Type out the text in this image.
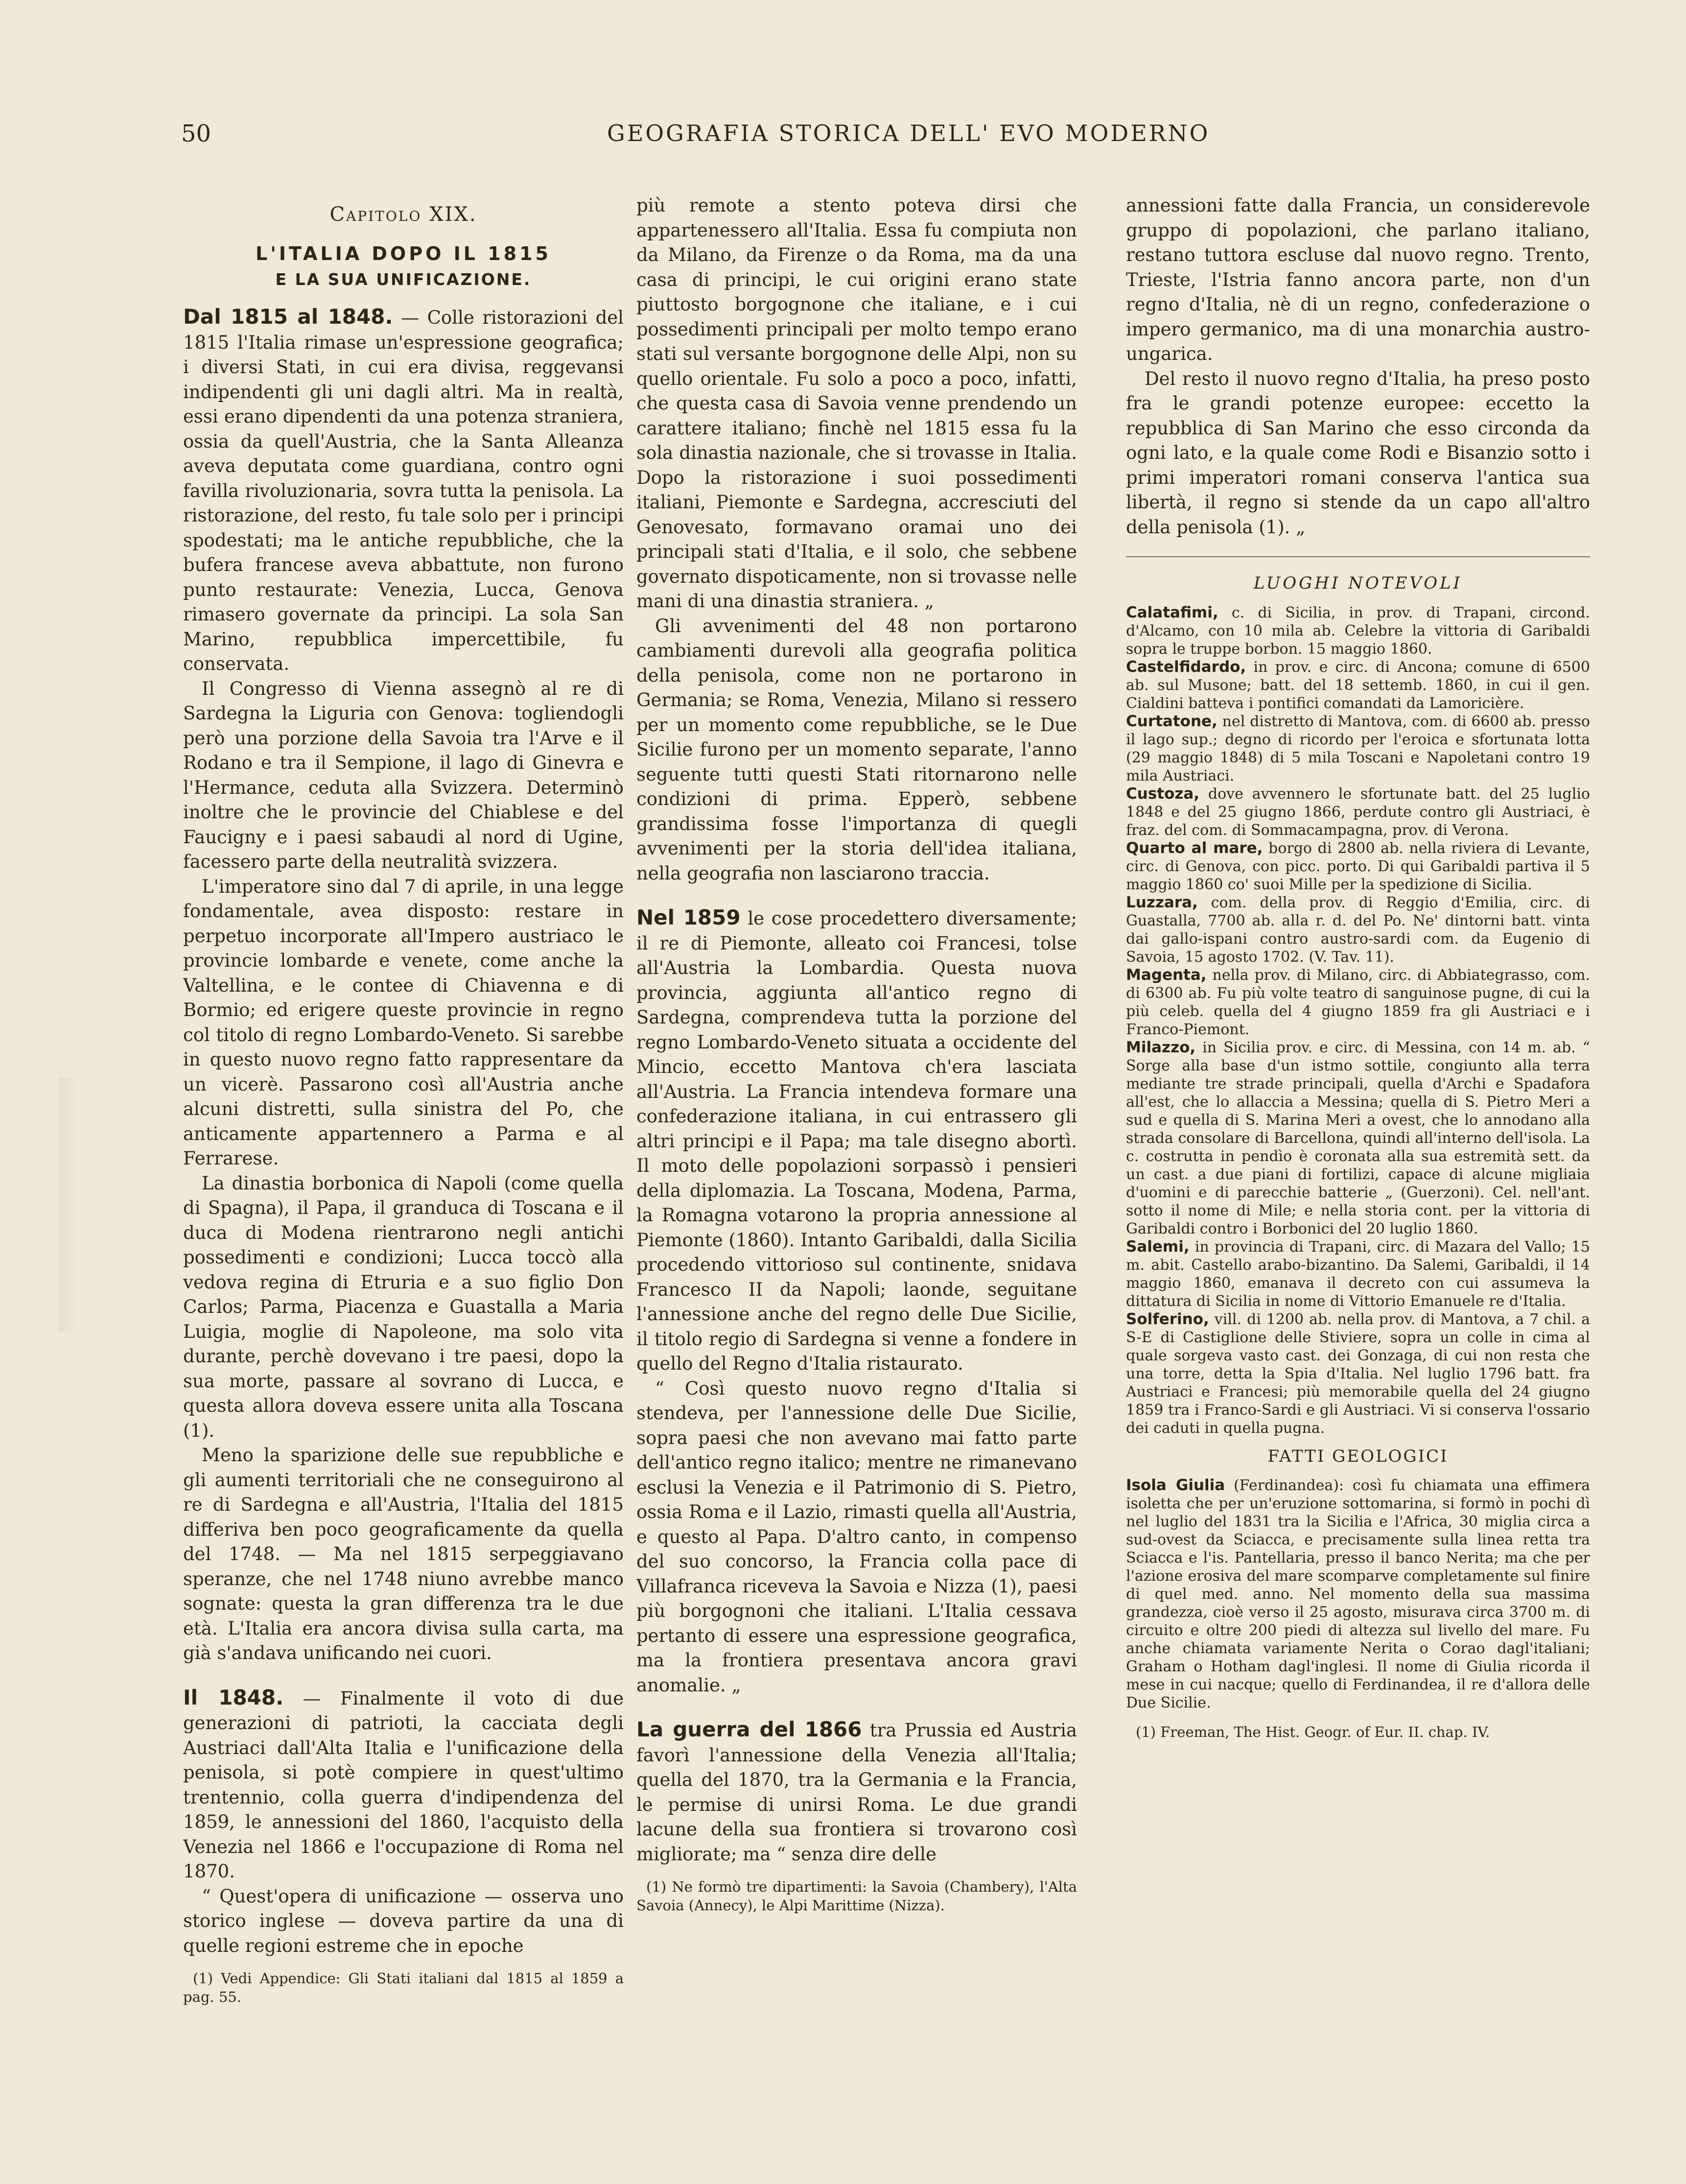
50	GEOGRAFIA STORICA DELL' EVO MODERNO
Capitolo XIX.
L'ITALIA DOPO IL 1815
E LA SUA UNIFICAZIONE.

Dal 1815 al 1848. — Colle ristorazioni del 1815 l'Italia rimase un'espressione geografica; i diversi Stati, in cui era divisa, reggevansi indipendenti gli uni dagli altri. Ma in realtà, essi erano dipendenti da una potenza straniera, ossia da quell'Austria, che la Santa Alleanza aveva deputata come guardiana, contro ogni favilla rivoluzionaria, sovra tutta la penisola. La ristorazione, del resto, fu tale solo per i principi spodestati; ma le antiche repubbliche, che la bufera francese aveva abbattute, non furono punto restaurate: Venezia, Lucca, Genova rimasero governate da principi. La sola San Marino, repubblica impercettibile, fu conservata.

Il Congresso di Vienna assegnò al re di Sardegna la Liguria con Genova: togliendogli però una porzione della Savoia tra l'Arve e il Rodano e tra il Sempione, il lago di Ginevra e l'Hermance, ceduta alla Svizzera. Determinò inoltre che le provincie del Chiablese e del Faucigny e i paesi sabaudi al nord di Ugine, facessero parte della neutralità svizzera.

L'imperatore sino dal 7 di aprile, in una legge fondamentale, avea disposto: restare in perpetuo incorporate all'Impero austriaco le provincie lombarde e venete, come anche la Valtellina, e le contee di Chiavenna e di Bormio; ed erigere queste provincie in regno col titolo di regno Lombardo-Veneto. Si sarebbe in questo nuovo regno fatto rappresentare da un vicerè. Passarono così all'Austria anche alcuni distretti, sulla sinistra del Po, che anticamente appartennero a Parma e al Ferrarese.

La dinastia borbonica di Napoli (come quella di Spagna), il Papa, il granduca di Toscana e il duca di Modena rientrarono negli antichi possedimenti e condizioni; Lucca toccò alla vedova regina di Etruria e a suo figlio Don Carlos; Parma, Piacenza e Guastalla a Maria Luigia, moglie di Napoleone, ma solo vita durante, perchè dovevano i tre paesi, dopo la sua morte, passare al sovrano di Lucca, e questa allora doveva essere unita alla Toscana (1).

Meno la sparizione delle sue repubbliche e gli aumenti territoriali che ne conseguirono al re di Sardegna e all'Austria, l'Italia del 1815 differiva ben poco geograficamente da quella del 1748. — Ma nel 1815 serpeggiavano speranze, che nel 1748 niuno avrebbe manco sognate: questa la gran differenza tra le due età. L'Italia era ancora divisa sulla carta, ma già s'andava unificando nei cuori.

Il 1848. — Finalmente il voto di due generazioni di patrioti, la cacciata degli Austriaci dall'Alta Italia e l'unificazione della penisola, si potè compiere in quest'ultimo trentennio, colla guerra d'indipendenza del 1859, le annessioni del 1860, l'acquisto della Venezia nel 1866 e l'occupazione di Roma nel 1870.

“ Quest'opera di unificazione — osserva uno storico inglese — doveva partire da una di quelle regioni estreme che in epoche

(1) Vedi Appendice: Gli Stati italiani dal 1815 al 1859 a pag. 55.

più remote a stento poteva dirsi che appartenessero all'Italia. Essa fu compiuta non da Milano, da Firenze o da Roma, ma da una casa di principi, le cui origini erano state piuttosto borgognone che italiane, e i cui possedimenti principali per molto tempo erano stati sul versante borgognone delle Alpi, non su quello orientale. Fu solo a poco a poco, infatti, che questa casa di Savoia venne prendendo un carattere italiano; finchè nel 1815 essa fu la sola dinastia nazionale, che si trovasse in Italia. Dopo la ristorazione i suoi possedimenti italiani, Piemonte e Sardegna, accresciuti del Genovesato, formavano oramai uno dei principali stati d'Italia, e il solo, che sebbene governato dispoticamente, non si trovasse nelle mani di una dinastia straniera. „

Gli avvenimenti del 48 non portarono cambiamenti durevoli alla geografia politica della penisola, come non ne portarono in Germania; se Roma, Venezia, Milano si ressero per un momento come repubbliche, se le Due Sicilie furono per un momento separate, l'anno seguente tutti questi Stati ritornarono nelle condizioni di prima. Epperò, sebbene grandissima fosse l'importanza di quegli avvenimenti per la storia dell'idea italiana, nella geografia non lasciarono traccia.

Nel 1859 le cose procedettero diversamente; il re di Piemonte, alleato coi Francesi, tolse all'Austria la Lombardia. Questa nuova provincia, aggiunta all'antico regno di Sardegna, comprendeva tutta la porzione del regno Lombardo-Veneto situata a occidente del Mincio, eccetto Mantova ch'era lasciata all'Austria. La Francia intendeva formare una confederazione italiana, in cui entrassero gli altri principi e il Papa; ma tale disegno abortì. Il moto delle popolazioni sorpassò i pensieri della diplomazia. La Toscana, Modena, Parma, la Romagna votarono la propria annessione al Piemonte (1860). Intanto Garibaldi, dalla Sicilia procedendo vittorioso sul continente, snidava Francesco II da Napoli; laonde, seguitane l'annessione anche del regno delle Due Sicilie, il titolo regio di Sardegna si venne a fondere in quello del Regno d'Italia ristaurato.

“ Così questo nuovo regno d'Italia si stendeva, per l'annessione delle Due Sicilie, sopra paesi che non avevano mai fatto parte dell'antico regno italico; mentre ne rimanevano esclusi la Venezia e il Patrimonio di S. Pietro, ossia Roma e il Lazio, rimasti quella all'Austria, e questo al Papa. D'altro canto, in compenso del suo concorso, la Francia colla pace di Villafranca riceveva la Savoia e Nizza (1), paesi più borgognoni che italiani. L'Italia cessava pertanto di essere una espressione geografica, ma la frontiera presentava ancora gravi anomalie. „

La guerra del 1866 tra Prussia ed Austria favorì l'annessione della Venezia all'Italia; quella del 1870, tra la Germania e la Francia, le permise di unirsi Roma. Le due grandi lacune della sua frontiera si trovarono così migliorate; ma “ senza dire delle

(1) Ne formò tre dipartimenti: la Savoia (Chambery), l'Alta Savoia (Annecy), le Alpi Marittime (Nizza).

annessioni fatte dalla Francia, un considerevole gruppo di popolazioni, che parlano italiano, restano tuttora escluse dal nuovo regno. Trento, Trieste, l'Istria fanno ancora parte, non d'un regno d'Italia, nè di un regno, confederazione o impero germanico, ma di una monarchia austro-ungarica.

Del resto il nuovo regno d'Italia, ha preso posto fra le grandi potenze europee: eccetto la repubblica di San Marino che esso circonda da ogni lato, e la quale come Rodi e Bisanzio sotto i primi imperatori romani conserva l'antica sua libertà, il regno si stende da un capo all'altro della penisola (1). „

LUOGHI NOTEVOLI

Calatafimi, c. di Sicilia, in prov. di Trapani, circond. d'Alcamo, con 10 mila ab. Celebre la vittoria di Garibaldi sopra le truppe borbon. 15 maggio 1860.

Castelfidardo, in prov. e circ. di Ancona; comune di 6500 ab. sul Musone; batt. del 18 settemb. 1860, in cui il gen. Cialdini batteva i pontifici comandati da Lamoricière.

Curtatone, nel distretto di Mantova, com. di 6600 ab. presso il lago sup.; degno di ricordo per l'eroica e sfortunata lotta (29 maggio 1848) di 5 mila Toscani e Napoletani contro 19 mila Austriaci.

Custoza, dove avvennero le sfortunate batt. del 25 luglio 1848 e del 25 giugno 1866, perdute contro gli Austriaci, è fraz. del com. di Sommacampagna, prov. di Verona.

Quarto al mare, borgo di 2800 ab. nella riviera di Levante, circ. di Genova, con picc. porto. Di qui Garibaldi partiva il 5 maggio 1860 co' suoi Mille per la spedizione di Sicilia.

Luzzara, com. della prov. di Reggio d'Emilia, circ. di Guastalla, 7700 ab. alla r. d. del Po. Ne' dintorni batt. vinta dai gallo-ispani contro austro-sardi com. da Eugenio di Savoia, 15 agosto 1702. (V. Tav. 11).

Magenta, nella prov. di Milano, circ. di Abbiategrasso, com. di 6300 ab. Fu più volte teatro di sanguinose pugne, di cui la più celeb. quella del 4 giugno 1859 fra gli Austriaci e i Franco-Piemont.

Milazzo, in Sicilia prov. e circ. di Messina, con 14 m. ab. “ Sorge alla base d'un istmo sottile, congiunto alla terra mediante tre strade principali, quella d'Archi e Spadafora all'est, che lo allaccia a Messina; quella di S. Pietro Meri a sud e quella di S. Marina Meri a ovest, che lo annodano alla strada consolare di Barcellona, quindi all'interno dell'isola. La c. costrutta in pendìo è coronata alla sua estremità sett. da un cast. a due piani di fortilizi, capace di alcune migliaia d'uomini e di parecchie batterie „ (Guerzoni). Cel. nell'ant. sotto il nome di Mile; e nella storia cont. per la vittoria di Garibaldi contro i Borbonici del 20 luglio 1860.

Salemi, in provincia di Trapani, circ. di Mazara del Vallo; 15 m. abit. Castello arabo-bizantino. Da Salemi, Garibaldi, il 14 maggio 1860, emanava il decreto con cui assumeva la dittatura di Sicilia in nome di Vittorio Emanuele re d'Italia.

Solferino, vill. di 1200 ab. nella prov. di Mantova, a 7 chil. a S-E di Castiglione delle Stiviere, sopra un colle in cima al quale sorgeva vasto cast. dei Gonzaga, di cui non resta che una torre, detta la Spia d'Italia. Nel luglio 1796 batt. fra Austriaci e Francesi; più memorabile quella del 24 giugno 1859 tra i Franco-Sardi e gli Austriaci. Vi si conserva l'ossario dei caduti in quella pugna.

FATTI GEOLOGICI

Isola Giulia (Ferdinandea): così fu chiamata una effimera isoletta che per un'eruzione sottomarina, si formò in pochi dì nel luglio del 1831 tra la Sicilia e l'Africa, 30 miglia circa a sud-ovest da Sciacca, e precisamente sulla linea retta tra Sciacca e l'is. Pantellaria, presso il banco Nerita; ma che per l'azione erosiva del mare scomparve completamente sul finire di quel med. anno. Nel momento della sua massima grandezza, cioè verso il 25 agosto, misurava circa 3700 m. di circuito e oltre 200 piedi di altezza sul livello del mare. Fu anche chiamata variamente Nerita o Corao dagl'italiani; Graham o Hotham dagl'inglesi. Il nome di Giulia ricorda il mese in cui nacque; quello di Ferdinandea, il re d'allora delle Due Sicilie.

(1) Freeman, The Hist. Geogr. of Eur. II. chap. IV.
